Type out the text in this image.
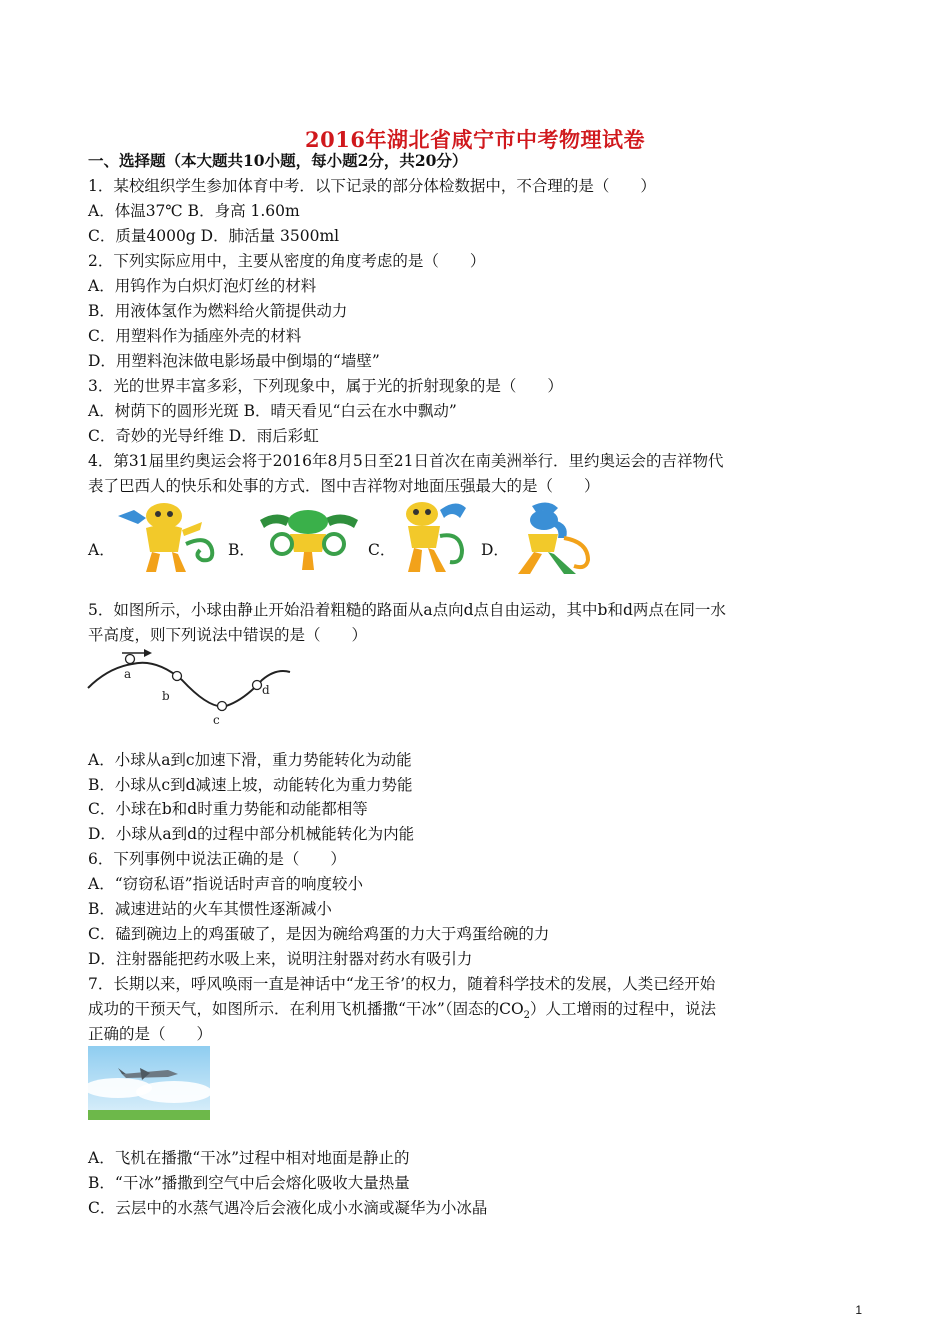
2016年湖北省咸宁市中考物理试卷
一、选择题（本大题共10小题，每小题2分，共20分）
1．某校组织学生参加体育中考．以下记录的部分体检数据中，不合理的是（　　）
A．体温37℃ B．身高 1.60m
C．质量4000g D．肺活量 3500ml
2．下列实际应用中，主要从密度的角度考虑的是（　　）
A．用钨作为白炽灯泡灯丝的材料
B．用液体氢作为燃料给火箭提供动力
C．用塑料作为插座外壳的材料
D．用塑料泡沫做电影场最中倒塌的“墙壁”
3．光的世界丰富多彩，下列现象中，属于光的折射现象的是（　　）
A．树荫下的圆形光斑 B．晴天看见“白云在水中飘动”
C．奇妙的光导纤维 D．雨后彩虹
4．第31届里约奥运会将于2016年8月5日至21日首次在南美洲举行．里约奥运会的吉祥物代
表了巴西人的快乐和处事的方式．图中吉祥物对地面压强最大的是（　　）
A．	B．	C．	D．
5．如图所示，小球由静止开始沿着粗糙的路面从a点向d点自由运动，其中b和d两点在同一水
平高度，则下列说法中错误的是（　　）
a
b
c
d
A．小球从a到c加速下滑，重力势能转化为动能
B．小球从c到d减速上坡，动能转化为重力势能
C．小球在b和d时重力势能和动能都相等
D．小球从a到d的过程中部分机械能转化为内能
6．下列事例中说法正确的是（　　）
A．“窃窃私语”指说话时声音的响度较小
B．减速进站的火车其惯性逐渐减小
C．磕到碗边上的鸡蛋破了，是因为碗给鸡蛋的力大于鸡蛋给碗的力
D．注射器能把药水吸上来，说明注射器对药水有吸引力
7．长期以来，呼风唤雨一直是神话中“龙王爷’的权力，随着科学技术的发展，人类已经开始
成功的干预天气，如图所示．在利用飞机播撒“干冰”（固态的$CO_2$）人工增雨的过程中，说法
正确的是（　　）
A．飞机在播撒“干冰”过程中相对地面是静止的
B．“干冰”播撒到空气中后会熔化吸收大量热量
C．云层中的水蒸气遇冷后会液化成小水滴或凝华为小冰晶
1
